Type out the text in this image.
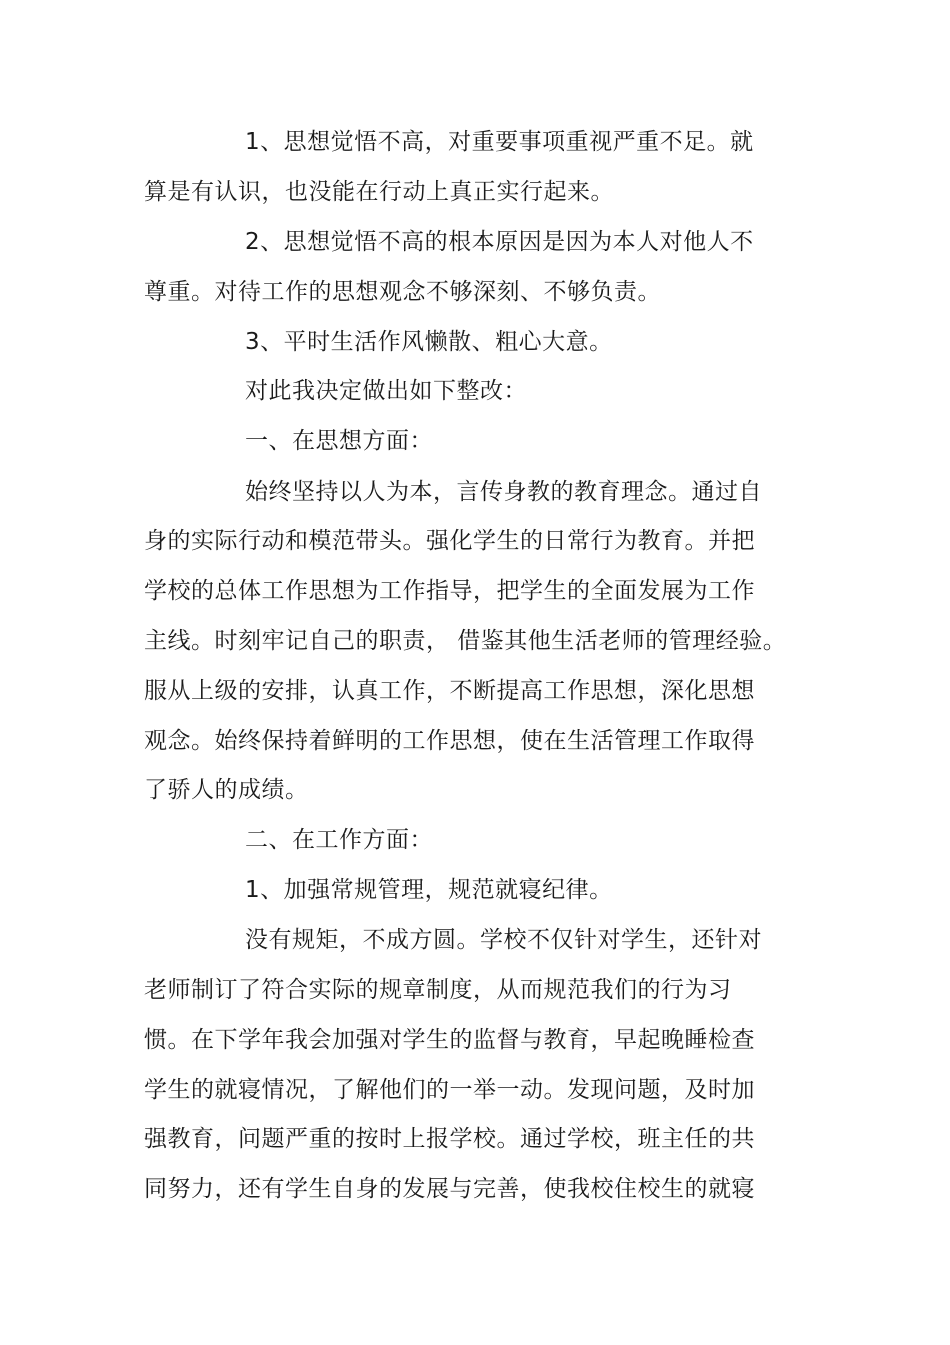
1、思想觉悟不高，对重要事项重视严重不足。就
算是有认识，也没能在行动上真正实行起来。
2、思想觉悟不高的根本原因是因为本人对他人不
尊重。对待工作的思想观念不够深刻、不够负责。
3、平时生活作风懒散、粗心大意。
对此我决定做出如下整改：
一、在思想方面：
始终坚持以人为本，言传身教的教育理念。通过自
身的实际行动和模范带头。强化学生的日常行为教育。并把
学校的总体工作思想为工作指导，把学生的全面发展为工作
主线。时刻牢记自己的职责， 借鉴其他生活老师的管理经验。
服从上级的安排，认真工作，不断提高工作思想，深化思想
观念。始终保持着鲜明的工作思想，使在生活管理工作取得
了骄人的成绩。
二、在工作方面：
1、加强常规管理，规范就寝纪律。
没有规矩，不成方圆。学校不仅针对学生，还针对
老师制订了符合实际的规章制度，从而规范我们的行为习
惯。在下学年我会加强对学生的监督与教育，早起晚睡检查
学生的就寝情况，了解他们的一举一动。发现问题，及时加
强教育，问题严重的按时上报学校。通过学校，班主任的共
同努力，还有学生自身的发展与完善，使我校住校生的就寝
